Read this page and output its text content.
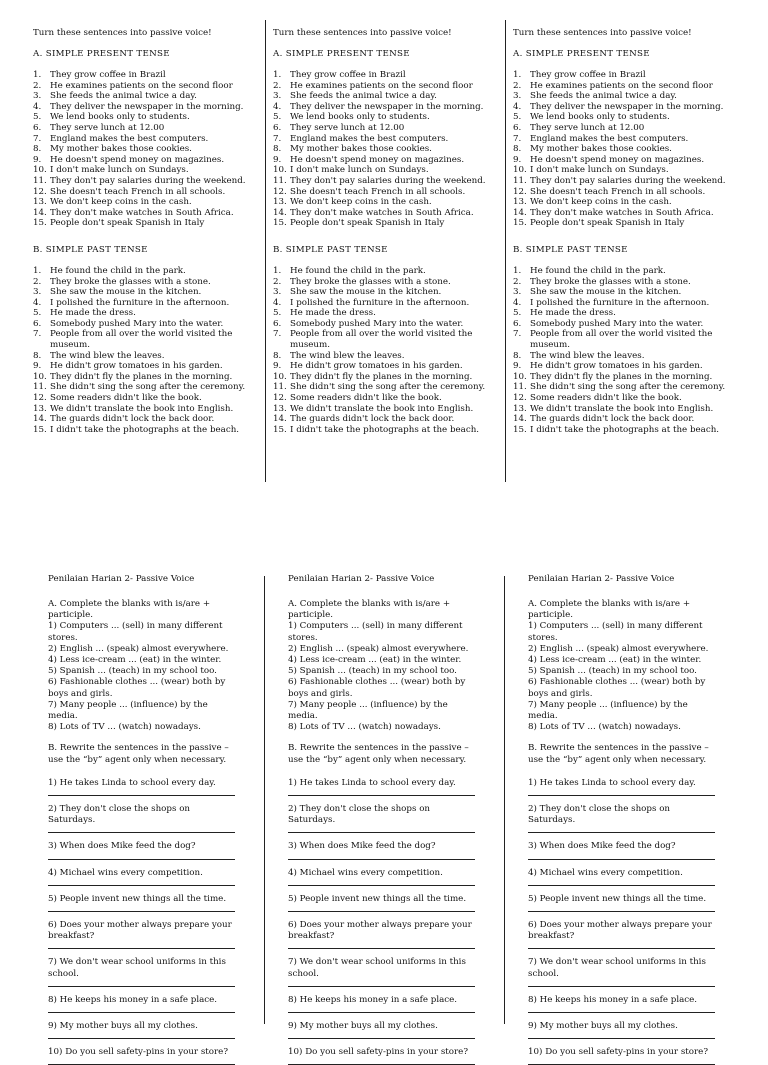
Turn these sentences into passive voice!
A. SIMPLE PRESENT TENSE
1.	They grow coffee in Brazil
2.	He examines patients on the second floor
3.	She feeds the animal twice a day.
4.	They deliver the newspaper in the morning.
5.	We lend books only to students.
6.	They serve lunch at 12.00
7.	England makes the best computers.
8.	My mother bakes those cookies.
9.	He doesn't spend money on magazines.
10. I don't make lunch on Sundays.
11. They don't pay salaries during the weekend.
12. She doesn't teach French in all schools.
13. We don't keep coins in the cash.
14. They don't make watches in South Africa.
15. People don't speak Spanish in Italy
B. SIMPLE PAST TENSE
1.	He found the child in the park.
2.	They broke the glasses with a stone.
3.	She saw the mouse in the kitchen.
4.	I polished the furniture in the afternoon.
5.	He made the dress.
6.	Somebody pushed Mary into the water.
7.	People from all over the world visited the museum.
8.	The wind blew the leaves.
9.	He didn't grow tomatoes in his garden.
10. They didn't fly the planes in the morning.
11. She didn't sing the song after the ceremony.
12. Some readers didn't like the book.
13. We didn't translate the book into English.
14. The guards didn't lock the back door.
15. I didn't take the photographs at the beach.
Turn these sentences into passive voice!
A. SIMPLE PRESENT TENSE
1.	They grow coffee in Brazil
2.	He examines patients on the second floor
3.	She feeds the animal twice a day.
4.	They deliver the newspaper in the morning.
5.	We lend books only to students.
6.	They serve lunch at 12.00
7.	England makes the best computers.
8.	My mother bakes those cookies.
9.	He doesn't spend money on magazines.
10. I don't make lunch on Sundays.
11. They don't pay salaries during the weekend.
12. She doesn't teach French in all schools.
13. We don't keep coins in the cash.
14. They don't make watches in South Africa.
15. People don't speak Spanish in Italy
B. SIMPLE PAST TENSE
1.	He found the child in the park.
2.	They broke the glasses with a stone.
3.	She saw the mouse in the kitchen.
4.	I polished the furniture in the afternoon.
5.	He made the dress.
6.	Somebody pushed Mary into the water.
7.	People from all over the world visited the museum.
8.	The wind blew the leaves.
9.	He didn't grow tomatoes in his garden.
10. They didn't fly the planes in the morning.
11. She didn't sing the song after the ceremony.
12. Some readers didn't like the book.
13. We didn't translate the book into English.
14. The guards didn't lock the back door.
15. I didn't take the photographs at the beach.
Turn these sentences into passive voice!
A. SIMPLE PRESENT TENSE
1.	They grow coffee in Brazil
2.	He examines patients on the second floor
3.	She feeds the animal twice a day.
4.	They deliver the newspaper in the morning.
5.	We lend books only to students.
6.	They serve lunch at 12.00
7.	England makes the best computers.
8.	My mother bakes those cookies.
9.	He doesn't spend money on magazines.
10. I don't make lunch on Sundays.
11. They don't pay salaries during the weekend.
12. She doesn't teach French in all schools.
13. We don't keep coins in the cash.
14. They don't make watches in South Africa.
15. People don't speak Spanish in Italy
B. SIMPLE PAST TENSE
1.	He found the child in the park.
2.	They broke the glasses with a stone.
3.	She saw the mouse in the kitchen.
4.	I polished the furniture in the afternoon.
5.	He made the dress.
6.	Somebody pushed Mary into the water.
7.	People from all over the world visited the museum.
8.	The wind blew the leaves.
9.	He didn't grow tomatoes in his garden.
10. They didn't fly the planes in the morning.
11. She didn't sing the song after the ceremony.
12. Some readers didn't like the book.
13. We didn't translate the book into English.
14. The guards didn't lock the back door.
15. I didn't take the photographs at the beach.
Penilaian Harian 2- Passive Voice

A. Complete the blanks with is/are + participle.

1) Computers ... (sell) in many different stores.

2) English ... (speak) almost everywhere.

4) Less ice-cream ... (eat) in the winter.

5) Spanish ... (teach) in my school too.

6) Fashionable clothes ... (wear) both by boys and girls.

7) Many people ... (influence) by the media.

8) Lots of TV ... (watch) nowadays.

B. Rewrite the sentences in the passive – use the “by” agent only when necessary.

1) He takes Linda to school every day.
2) They don't close the shops on Saturdays.
3) When does Mike feed the dog?
4) Michael wins every competition.
5) People invent new things all the time.
6) Does your mother always prepare your breakfast?
7) We don't wear school uniforms in this school.
8) He keeps his money in a safe place.
9) My mother buys all my clothes.
10) Do you sell safety-pins in your store?
Penilaian Harian 2- Passive Voice

A. Complete the blanks with is/are + participle.

1) Computers ... (sell) in many different stores.

2) English ... (speak) almost everywhere.

4) Less ice-cream ... (eat) in the winter.

5) Spanish ... (teach) in my school too.

6) Fashionable clothes ... (wear) both by boys and girls.

7) Many people ... (influence) by the media.

8) Lots of TV ... (watch) nowadays.

B. Rewrite the sentences in the passive – use the “by” agent only when necessary.

1) He takes Linda to school every day.
2) They don't close the shops on Saturdays.
3) When does Mike feed the dog?
4) Michael wins every competition.
5) People invent new things all the time.
6) Does your mother always prepare your breakfast?
7) We don't wear school uniforms in this school.
8) He keeps his money in a safe place.
9) My mother buys all my clothes.
10) Do you sell safety-pins in your store?
Penilaian Harian 2- Passive Voice

A. Complete the blanks with is/are + participle.

1) Computers ... (sell) in many different stores.

2) English ... (speak) almost everywhere.

4) Less ice-cream ... (eat) in the winter.

5) Spanish ... (teach) in my school too.

6) Fashionable clothes ... (wear) both by boys and girls.

7) Many people ... (influence) by the media.

8) Lots of TV ... (watch) nowadays.

B. Rewrite the sentences in the passive – use the “by” agent only when necessary.

1) He takes Linda to school every day.
2) They don't close the shops on Saturdays.
3) When does Mike feed the dog?
4) Michael wins every competition.
5) People invent new things all the time.
6) Does your mother always prepare your breakfast?
7) We don't wear school uniforms in this school.
8) He keeps his money in a safe place.
9) My mother buys all my clothes.
10) Do you sell safety-pins in your store?
